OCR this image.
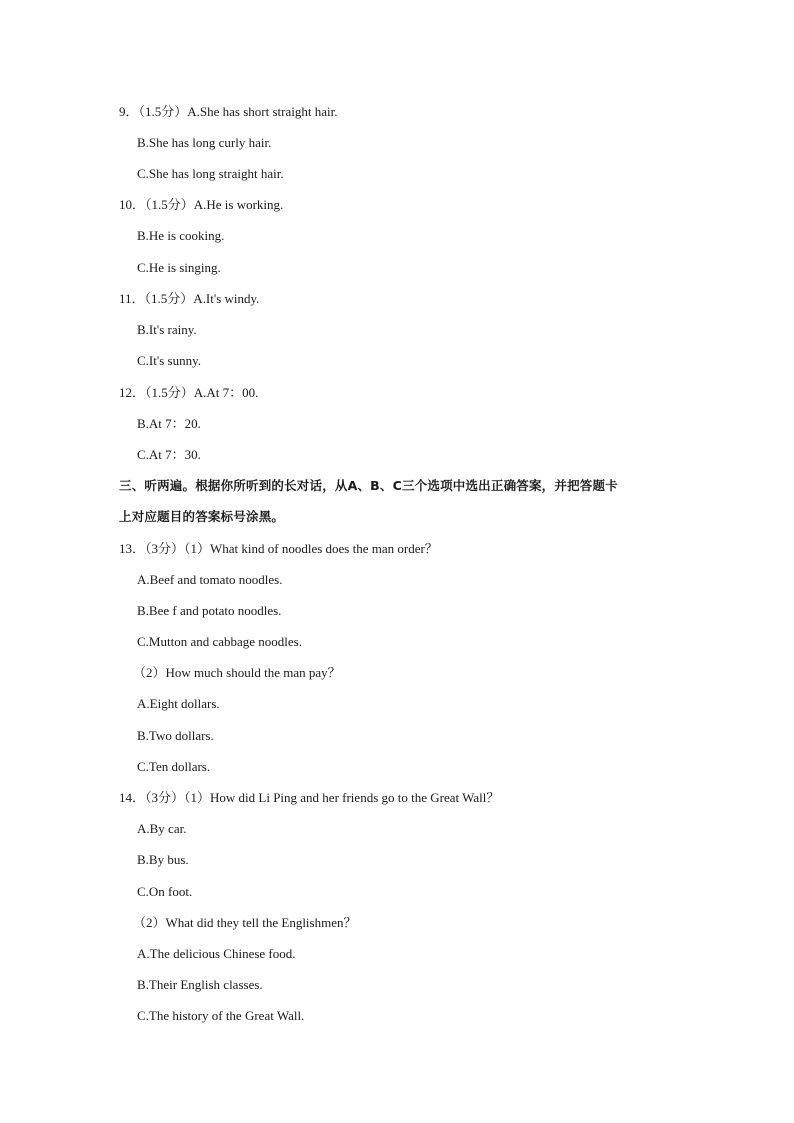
9．（1.5分）A.She has short straight hair.
B.She has long curly hair.
C.She has long straight hair.
10．（1.5分）A.He is working.
B.He is cooking.
C.He is singing.
11．（1.5分）A.It's windy.
B.It's rainy.
C.It's sunny.
12．（1.5分）A.At 7：00.
B.At 7：20.
C.At 7：30.
三、听两遍。根据你所听到的长对话，从A、B、C三个选项中选出正确答案，并把答题卡
上对应题目的答案标号涂黑。
13．（3分）（1）What kind of noodles does the man order？
A.Beef and tomato noodles.
B.Bee f and potato noodles.
C.Mutton and cabbage noodles.
（2）How much should the man pay？
A.Eight dollars.
B.Two dollars.
C.Ten dollars.
14．（3分）（1）How did Li Ping and her friends go to the Great Wall？
A.By car.
B.By bus.
C.On foot.
（2）What did they tell the Englishmen？
A.The delicious Chinese food.
B.Their English classes.
C.The history of the Great Wall.
